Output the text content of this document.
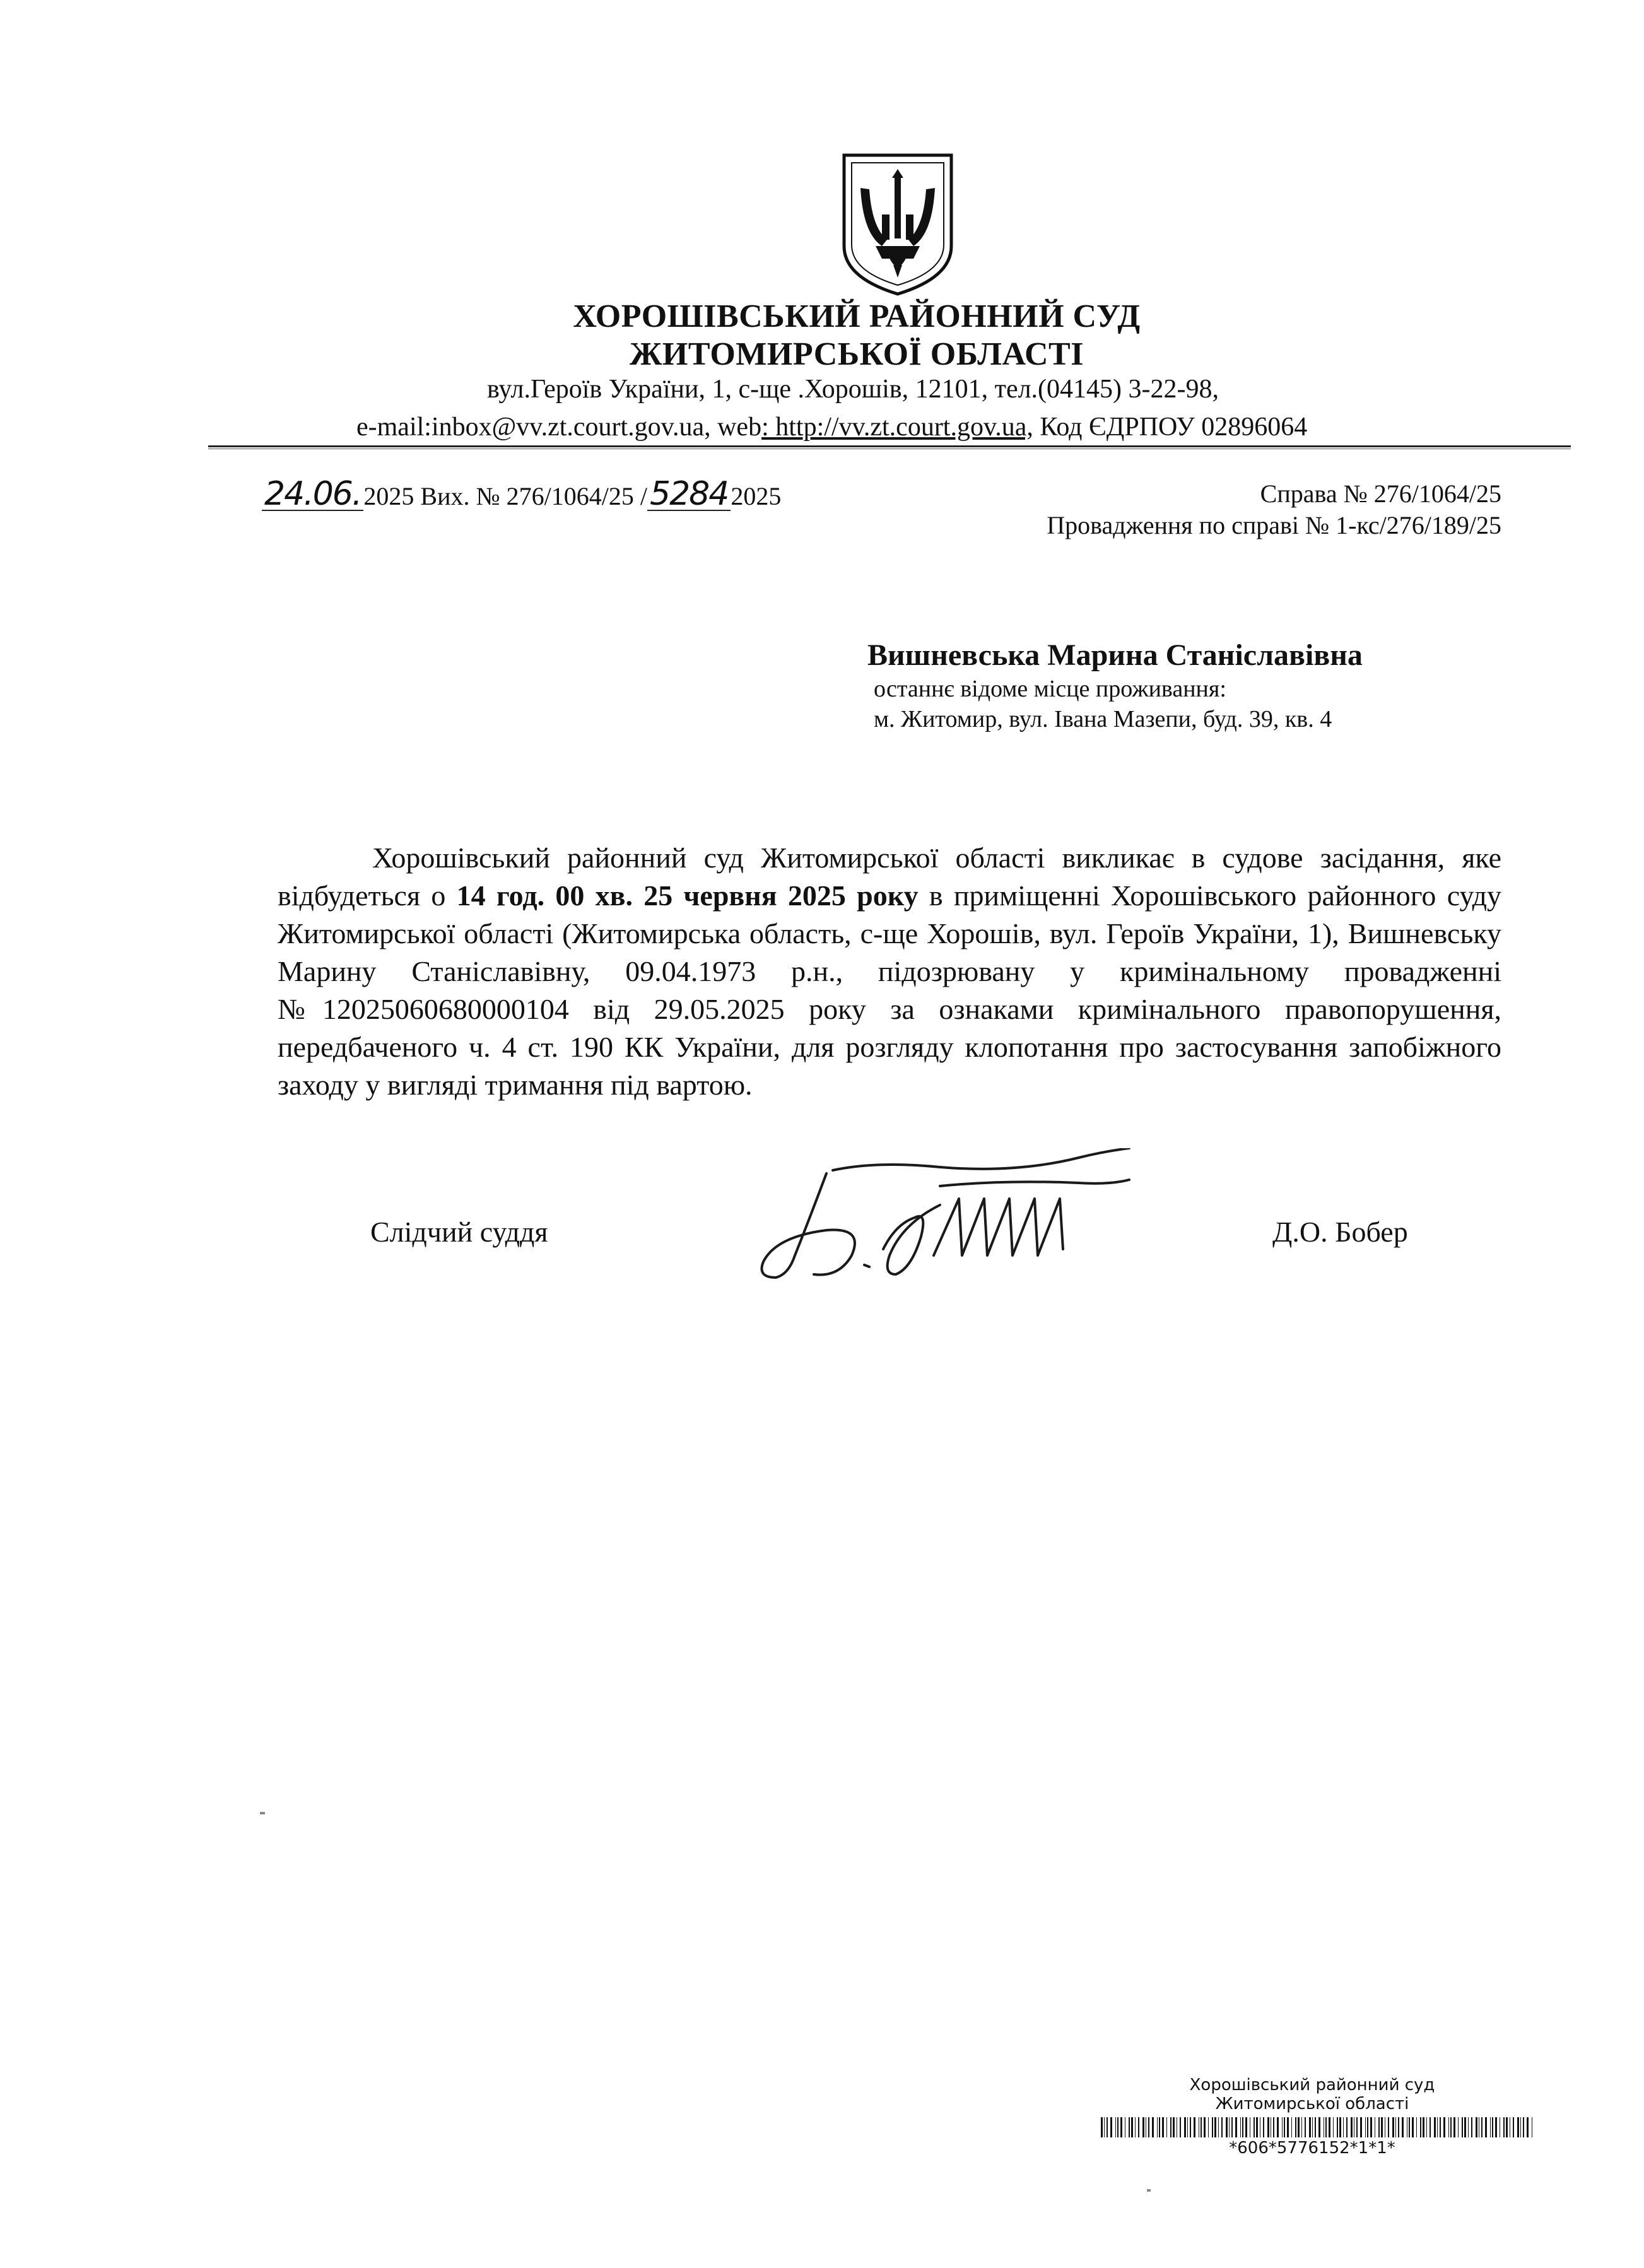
ХОРОШІВСЬКИЙ РАЙОННИЙ СУД
ЖИТОМИРСЬКОЇ ОБЛАСТІ
вул.Героїв України, 1, с-ще .Хорошів, 12101, тел.(04145) 3-22-98,
e-mail:inbox@vv.zt.court.gov.ua, web: http://vv.zt.court.gov.ua, Код ЄДРПОУ 02896064
24.06. 2025 Вих. № 276/1064/25 /5284 2025	Справа № 276/1064/25
Провадження по справі № 1-кс/276/189/25
Вишневська Марина Станіславівна
останнє відоме місце проживання:
м. Житомир, вул. Івана Мазепи, буд. 39, кв. 4

Хорошівський районний суд Житомирської області викликає в судове засідання, яке відбудеться о 14 год. 00 хв. 25 червня 2025 року в приміщенні Хорошівського районного суду Житомирської області (Житомирська область, с-ще Хорошів, вул. Героїв України, 1), Вишневську Марину Станіславівну, 09.04.1973 р.н., підозрювану у кримінальному провадженні №12025060680000104 від 29.05.2025 року за ознаками кримінального правопорушення, передбаченого ч. 4 ст. 190 КК України, для розгляду клопотання про застосування запобіжного заходу у вигляді тримання під вартою.

Слідчий суддя	Д.О. Бобер
Хорошівський районний суд
Житомирської області
*606*5776152*1*1*
